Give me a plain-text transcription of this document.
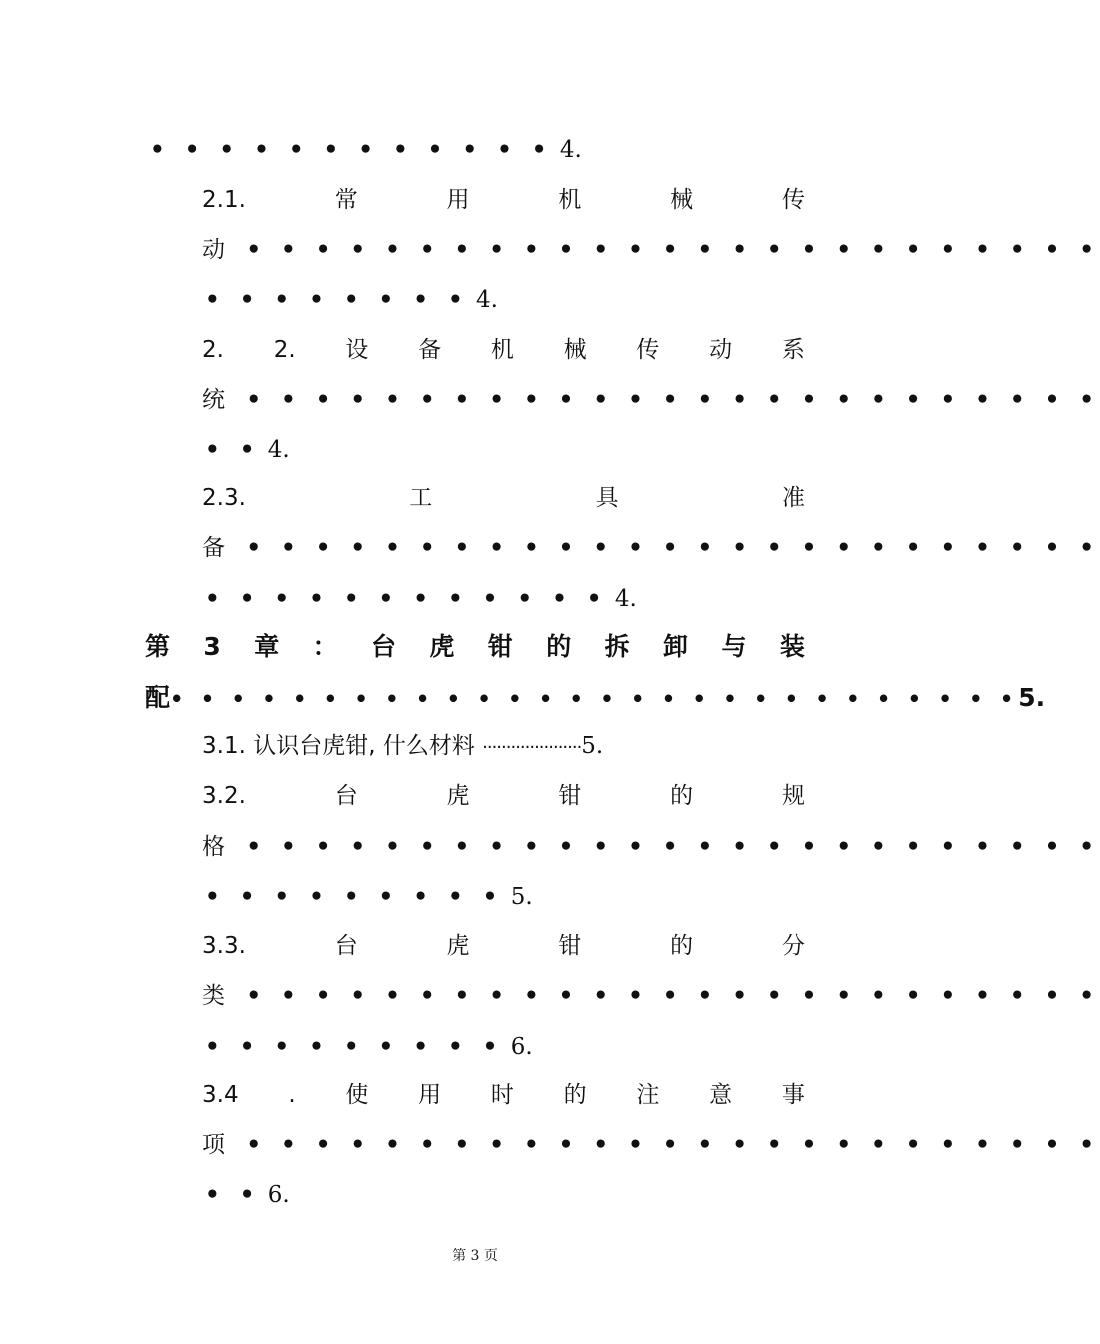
• • • • • • • • • • • • 4.
2.1.	常	用	机	械	传
动 • • • • • • • • • • • • • • • • • • • • • • • • •
• • • • • • • • 4.
2. 2. 设 备 机 械 传 动 系
统 • • • • • • • • • • • • • • • • • • • • • • • • •
• • 4.
2.3.	工	具	准
备 • • • • • • • • • • • • • • • • • • • • • • • • •
• • • • • • • • • • • • 4.
第 3 章 ： 台 虎 钳 的 拆 卸 与 装
配• • • • • • • • • • • • • • • • • • • • • • • • • • • •5.
3.1. 认识台虎钳, 什么材料 ·····················5.
3.2.	台	虎	钳	的	规
格 • • • • • • • • • • • • • • • • • • • • • • • • •
• • • • • • • • • 5.
3.3.	台	虎	钳	的	分
类 • • • • • • • • • • • • • • • • • • • • • • • • •
• • • • • • • • • 6.
3.4 . 使 用 时 的 注 意 事
项 • • • • • • • • • • • • • • • • • • • • • • • • •
• • 6.
第 3 页
